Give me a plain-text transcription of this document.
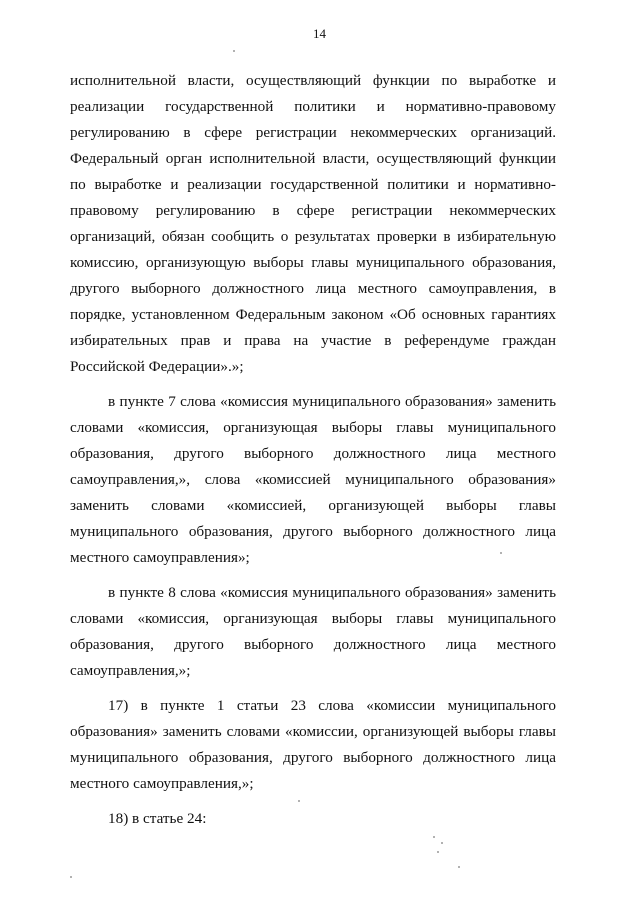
14

исполнительной власти, осуществляющий функции по выработке и реализации государственной политики и нормативно-правовому регулированию в сфере регистрации некоммерческих организаций. Федеральный орган исполнительной власти, осуществляющий функции по выработке и реализации государственной политики и нормативно-правовому регулированию в сфере регистрации некоммерческих организаций, обязан сообщить о результатах проверки в избирательную комиссию, организующую выборы главы муниципального образования, другого выборного должностного лица местного самоуправления, в порядке, установленном Федеральным законом «Об основных гарантиях избирательных прав и права на участие в референдуме граждан Российской Федерации».»;

в пункте 7 слова «комиссия муниципального образования» заменить словами «комиссия, организующая выборы главы муниципального образования, другого выборного должностного лица местного самоуправления,», слова «комиссией муниципального образования» заменить словами «комиссией, организующей выборы главы муниципального образования, другого выборного должностного лица местного самоуправления»;

в пункте 8 слова «комиссия муниципального образования» заменить словами «комиссия, организующая выборы главы муниципального образования, другого выборного должностного лица местного самоуправления,»;

17) в пункте 1 статьи 23 слова «комиссии муниципального образования» заменить словами «комиссии, организующей выборы главы муниципального образования, другого выборного должностного лица местного самоуправления,»;

18) в статье 24:
